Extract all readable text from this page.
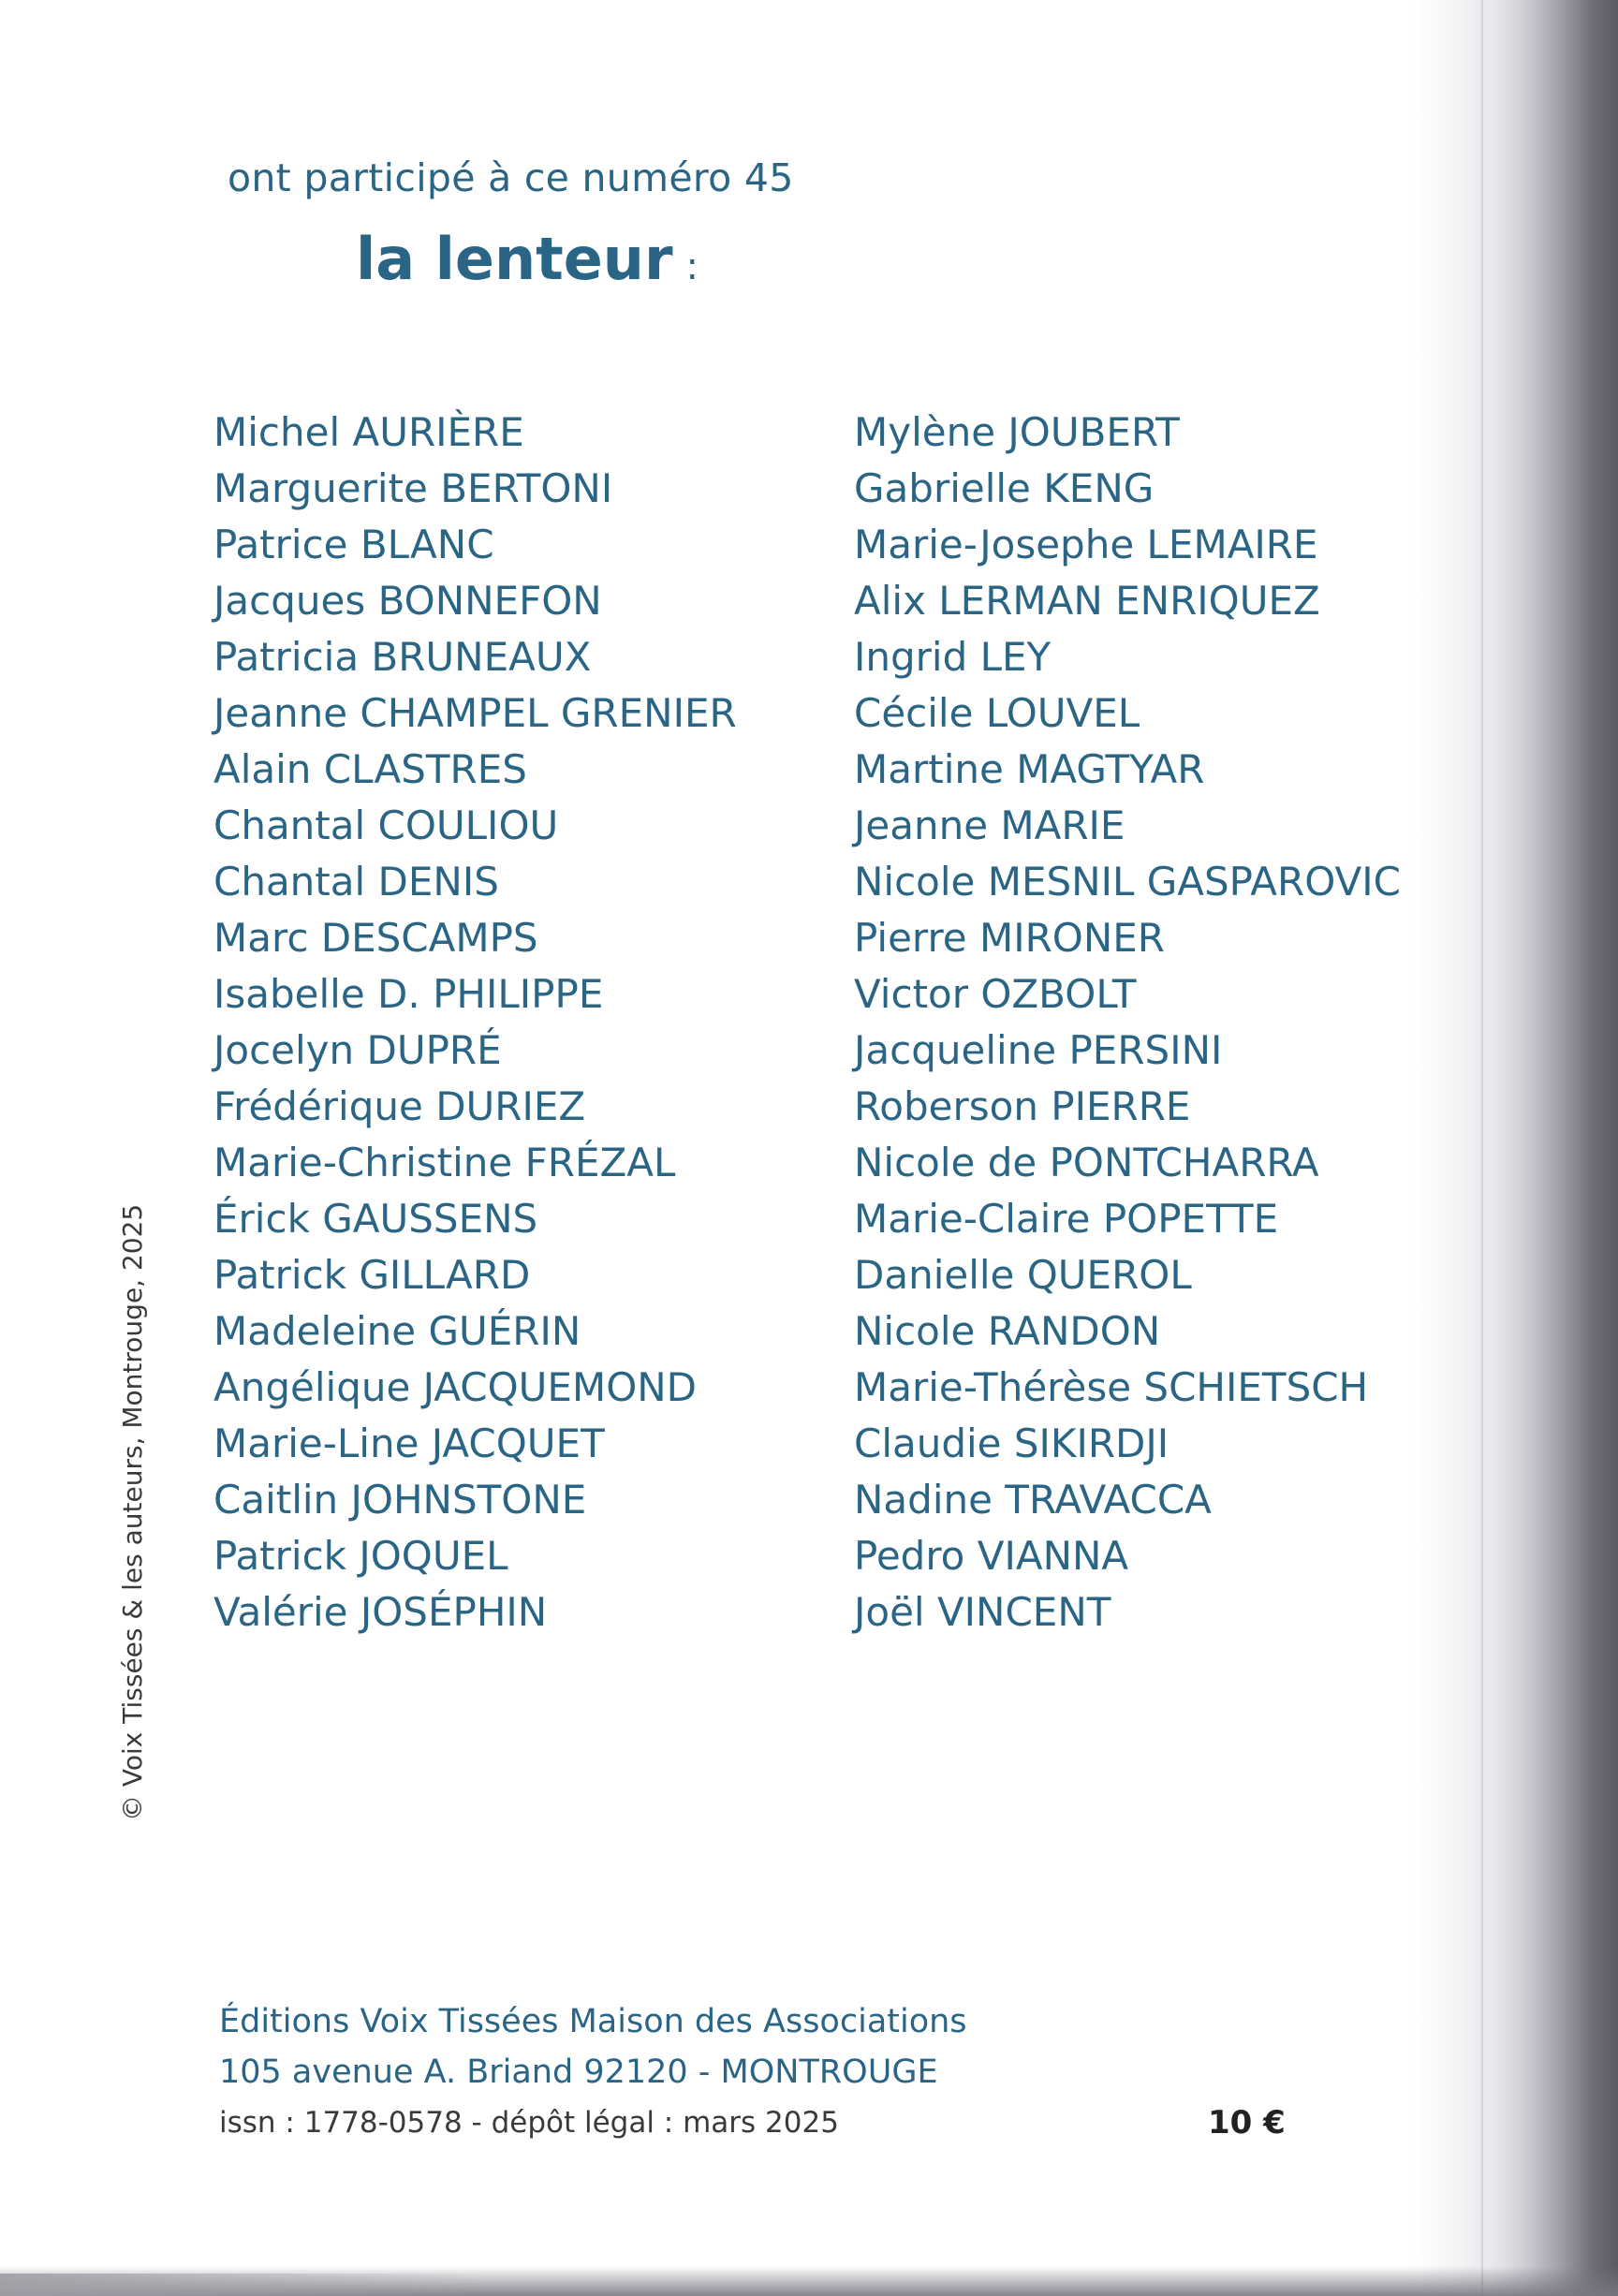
ont participé à ce numéro 45
la lenteur :
Michel AURIÈRE
Marguerite BERTONI
Patrice BLANC
Jacques BONNEFON
Patricia BRUNEAUX
Jeanne CHAMPEL GRENIER
Alain CLASTRES
Chantal COULIOU
Chantal DENIS
Marc DESCAMPS
Isabelle D. PHILIPPE
Jocelyn DUPRÉ
Frédérique DURIEZ
Marie-Christine FRÉZAL
Érick GAUSSENS
Patrick GILLARD
Madeleine GUÉRIN
Angélique JACQUEMOND
Marie-Line JACQUET
Caitlin JOHNSTONE
Patrick JOQUEL
Valérie JOSÉPHIN
Mylène JOUBERT
Gabrielle KENG
Marie-Josephe LEMAIRE
Alix LERMAN ENRIQUEZ
Ingrid LEY
Cécile LOUVEL
Martine MAGTYAR
Jeanne MARIE
Nicole MESNIL GASPAROVIC
Pierre MIRONER
Victor OZBOLT
Jacqueline PERSINI
Roberson PIERRE
Nicole de PONTCHARRA
Marie-Claire POPETTE
Danielle QUEROL
Nicole RANDON
Marie-Thérèse SCHIETSCH
Claudie SIKIRDJI
Nadine TRAVACCA
Pedro VIANNA
Joël VINCENT
© Voix Tissées & les auteurs, Montrouge, 2025
Éditions Voix Tissées Maison des Associations
105 avenue A. Briand 92120 - MONTROUGE
issn : 1778-0578 - dépôt légal : mars 2025	10 €
